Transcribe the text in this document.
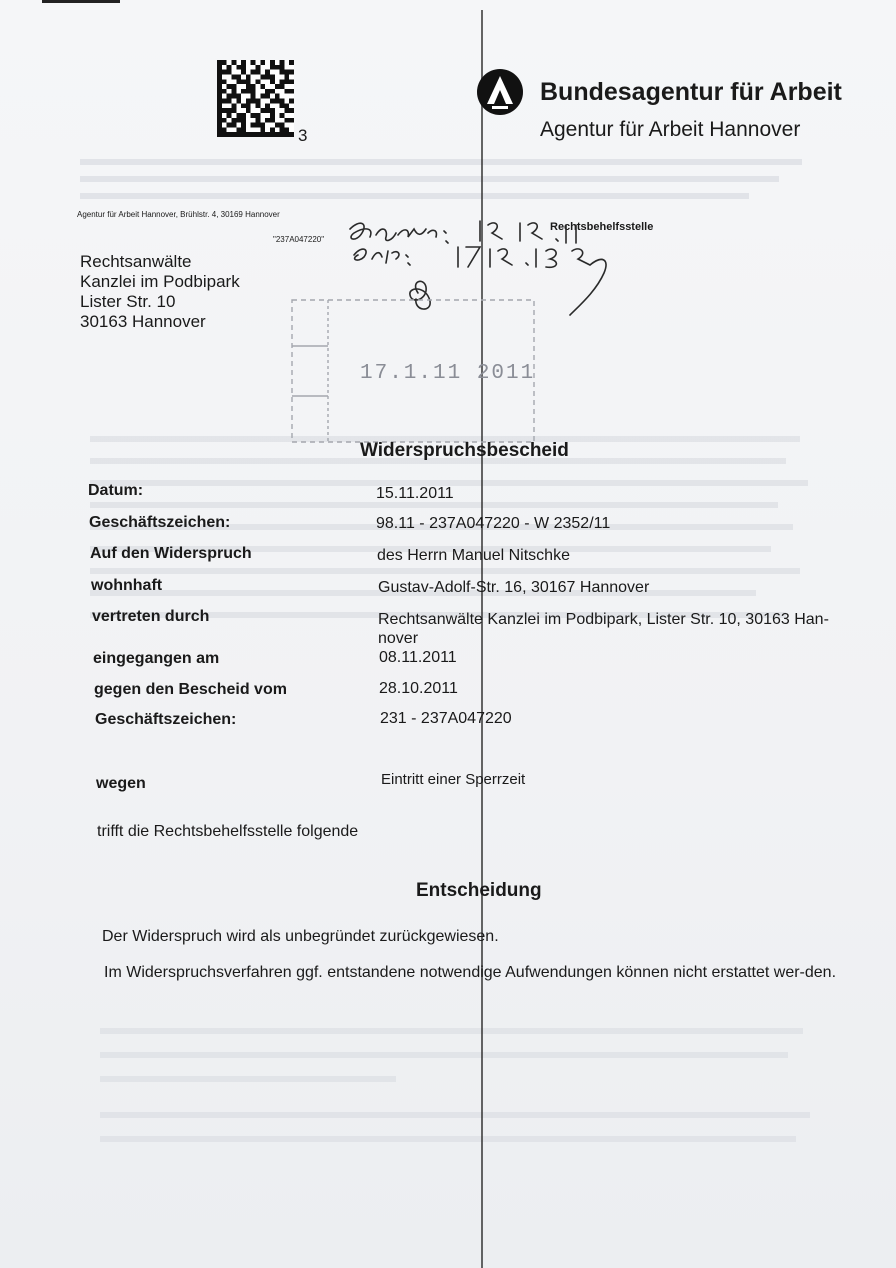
3
Bundesagentur für Arbeit
Agentur für Arbeit Hannover
Agentur für Arbeit Hannover, Brühlstr. 4, 30169 Hannover
"237A047220"
Rechtsbehelfsstelle
17.1.11 2011
Rechtsanwälte
Kanzlei im Podbipark
Lister Str. 10
30163 Hannover
Widerspruchsbescheid
Datum:	15.11.2011
Geschäftszeichen:	98.11 - 237A047220 - W 2352/11
Auf den Widerspruch	des Herrn Manuel Nitschke
wohnhaft	Gustav-Adolf-Str. 16, 30167 Hannover
vertreten durch	Rechtsanwälte Kanzlei im Podbipark, Lister Str. 10, 30163 Han-nover
eingegangen am	08.11.2011
gegen den Bescheid vom	28.10.2011
Geschäftszeichen:	231 - 237A047220
wegen	Eintritt einer Sperrzeit
trifft die Rechtsbehelfsstelle folgende
Entscheidung
Der Widerspruch wird als unbegründet zurückgewiesen.
Im Widerspruchsverfahren ggf. entstandene notwendige Aufwendungen können nicht erstattet wer-den.
